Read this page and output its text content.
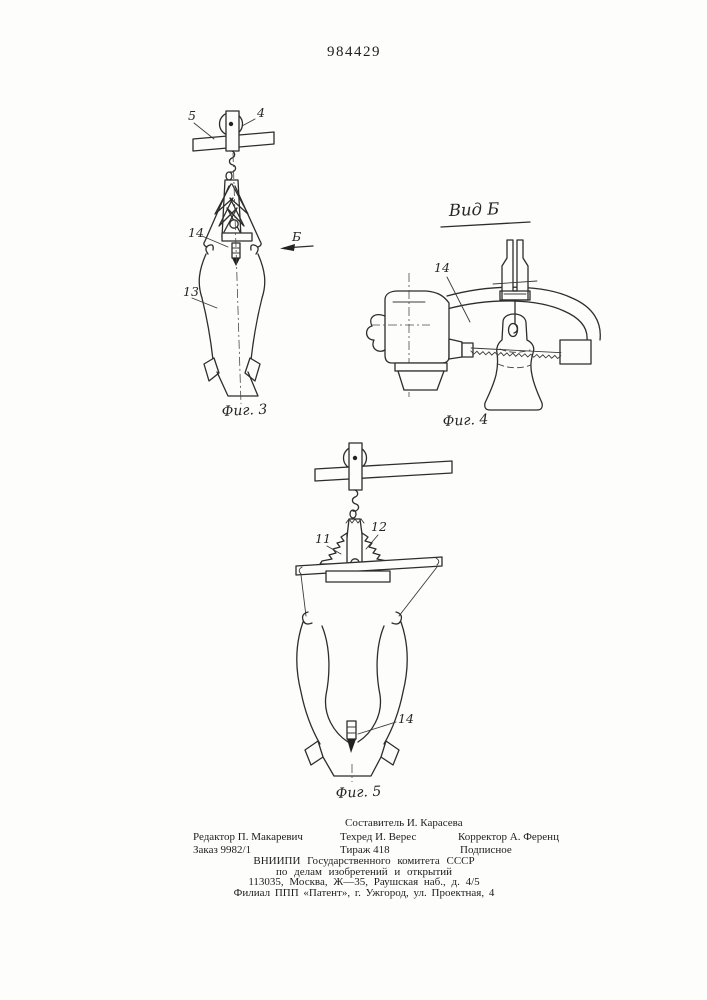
984429
5	4
14
13
Б
Фиг. 3
Вид Б
14
Фиг. 4
11
12
14
Фиг. 5
Составитель И. Карасева
Редактор П. Макаревич	Техред И. Верес	Корректор А. Ференц
Заказ 9982/1	Тираж 418	Подписное
ВНИИПИ Государственного комитета СССР
по делам изобретений и открытий
113035, Москва, Ж—35, Раушская наб., д. 4/5
Филиал ППП «Патент», г. Ужгород, ул. Проектная, 4
